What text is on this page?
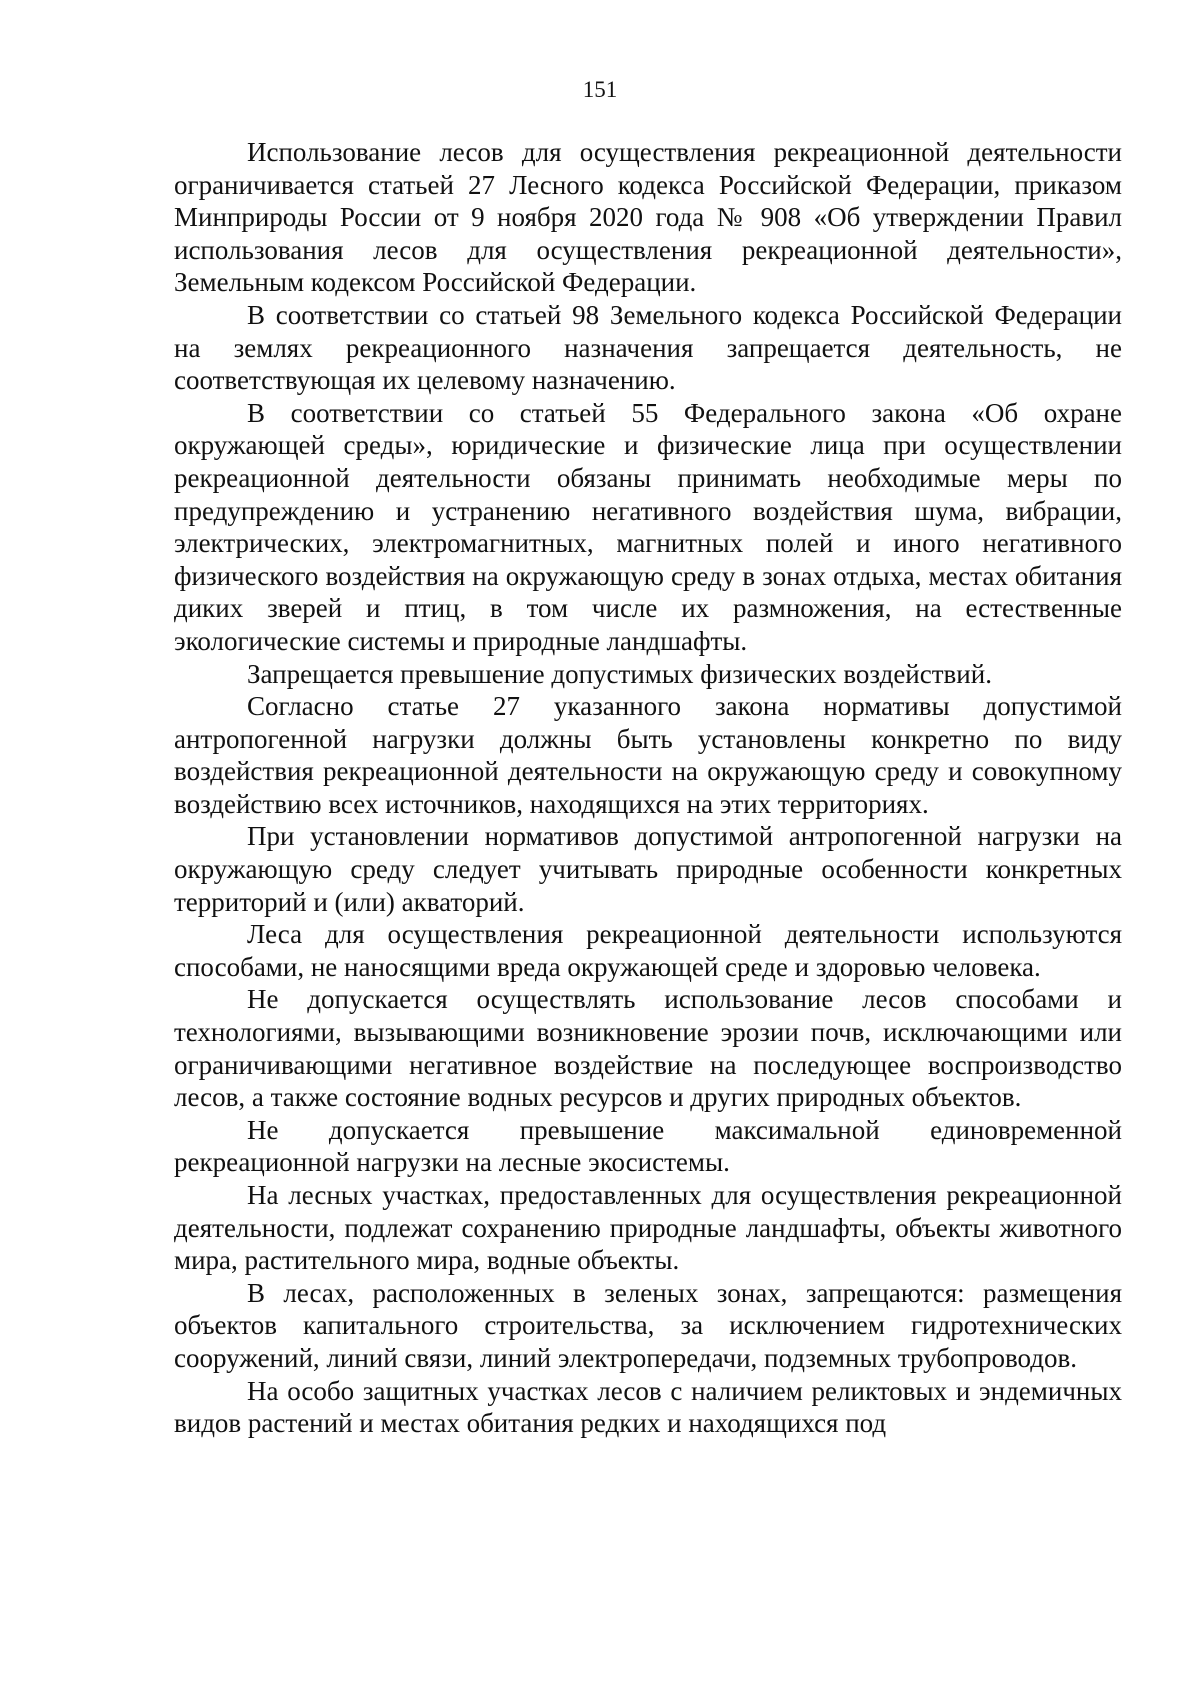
151

Использование лесов для осуществления рекреационной деятельности ограничивается статьей 27 Лесного кодекса Российской Федерации, приказом Минприроды России от 9 ноября 2020 года № 908 «Об утверждении Правил использования лесов для осуществления рекреационной деятельности», Земельным кодексом Российской Федерации.

В соответствии со статьей 98 Земельного кодекса Российской Федерации на землях рекреационного назначения запрещается деятельность, не соответствующая их целевому назначению.

В соответствии со статьей 55 Федерального закона «Об охране окружающей среды», юридические и физические лица при осуществлении рекреационной деятельности обязаны принимать необходимые меры по предупреждению и устранению негативного воздействия шума, вибрации, электрических, электромагнитных, магнитных полей и иного негативного физического воздействия на окружающую среду в зонах отдыха, местах обитания диких зверей и птиц, в том числе их размножения, на естественные экологические системы и природные ландшафты.

Запрещается превышение допустимых физических воздействий.

Согласно статье 27 указанного закона нормативы допустимой антропогенной нагрузки должны быть установлены конкретно по виду воздействия рекреационной деятельности на окружающую среду и совокупному воздействию всех источников, находящихся на этих территориях.

При установлении нормативов допустимой антропогенной нагрузки на окружающую среду следует учитывать природные особенности конкретных территорий и (или) акваторий.

Леса для осуществления рекреационной деятельности используются способами, не наносящими вреда окружающей среде и здоровью человека.

Не допускается осуществлять использование лесов способами и технологиями, вызывающими возникновение эрозии почв, исключающими или ограничивающими негативное воздействие на последующее воспроизводство лесов, а также состояние водных ресурсов и других природных объектов.

Не допускается превышение максимальной единовременной рекреационной нагрузки на лесные экосистемы.

На лесных участках, предоставленных для осуществления рекреационной деятельности, подлежат сохранению природные ландшафты, объекты животного мира, растительного мира, водные объекты.

В лесах, расположенных в зеленых зонах, запрещаются: размещения объектов капитального строительства, за исключением гидротехнических сооружений, линий связи, линий электропередачи, подземных трубопроводов.

На особо защитных участках лесов с наличием реликтовых и эндемичных видов растений и местах обитания редких и находящихся под
